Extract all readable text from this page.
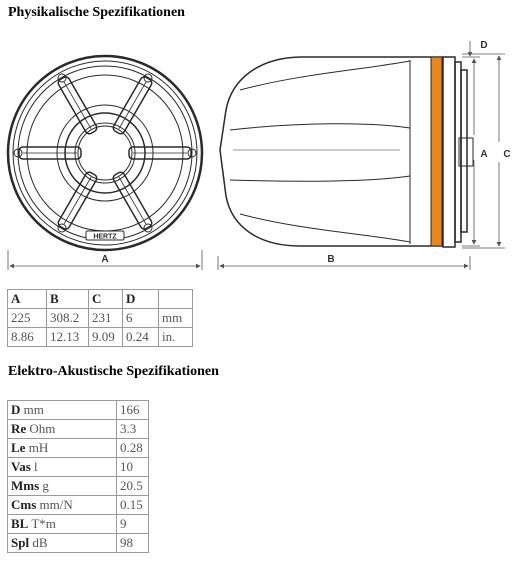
Physikalische Spezifikationen
HERTZ
A	B
A C
D
A	B	C	D	
225	308.2	231	6	mm
8.86	12.13	9.09	0.24	in.
Elektro-Akustische Spezifikationen
D mm	166
Re Ohm	3.3
Le mH	0.28
Vas l	10
Mms g	20.5
Cms mm/N	0.15
BL T*m	9
Spl dB	98
